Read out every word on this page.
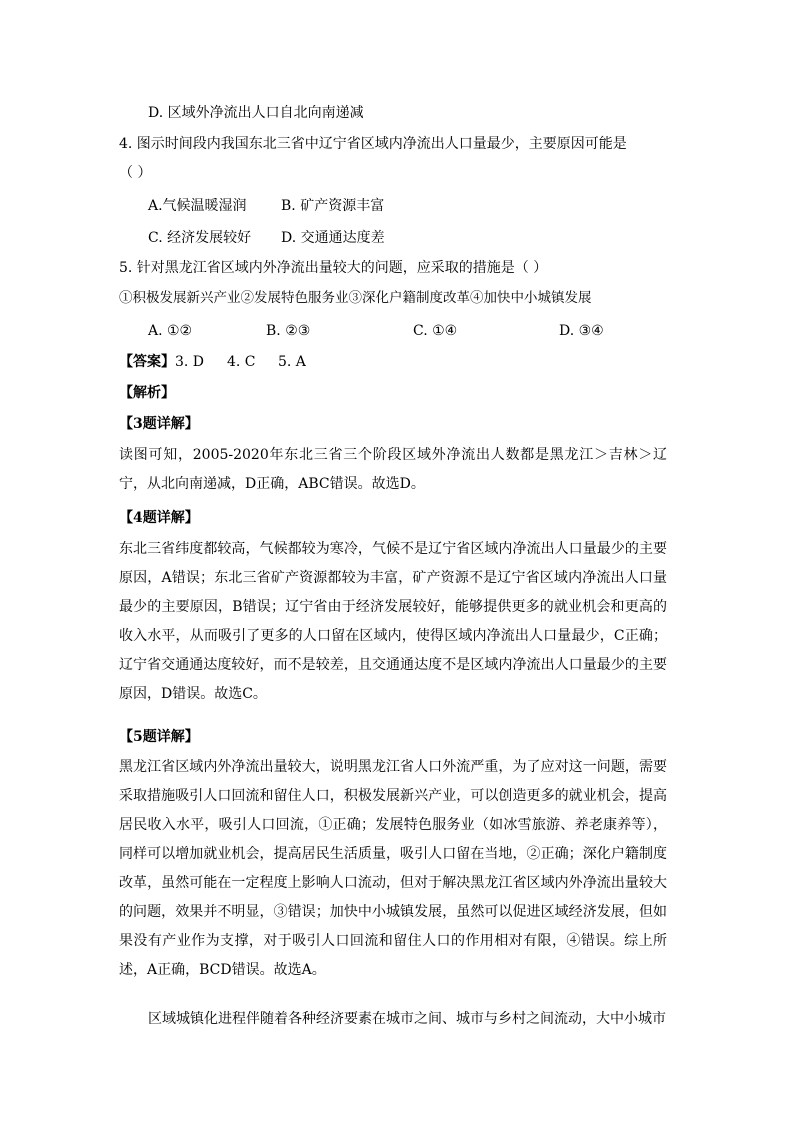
D. 区域外净流出人口自北向南递减
4. 图示时间段内我国东北三省中辽宁省区域内净流出人口量最少，主要原因可能是
（ ）
A.气候温暖湿润 B. 矿产资源丰富
C. 经济发展较好 D. 交通通达度差
5. 针对黑龙江省区域内外净流出量较大的问题，应采取的措施是（ ）
①积极发展新兴产业②发展特色服务业③深化户籍制度改革④加快中小城镇发展
A. ①②	B. ②③	C. ①④	D. ③④
【答案】 3. D 4. C 5. A
【解析】
【3题详解】
读图可知，2005-2020年东北三省三个阶段区域外净流出人数都是黑龙江＞吉林＞辽宁，从北向南递减，D正确，ABC错误。故选D。
【4题详解】
东北三省纬度都较高，气候都较为寒冷，气候不是辽宁省区域内净流出人口量最少的主要原因，A错误；东北三省矿产资源都较为丰富，矿产资源不是辽宁省区域内净流出人口量最少的主要原因，B错误；辽宁省由于经济发展较好，能够提供更多的就业机会和更高的收入水平，从而吸引了更多的人口留在区域内，使得区域内净流出人口量最少，C正确；辽宁省交通通达度较好，而不是较差，且交通通达度不是区域内净流出人口量最少的主要原因，D错误。故选C。
【5题详解】
黑龙江省区域内外净流出量较大，说明黑龙江省人口外流严重，为了应对这一问题，需要采取措施吸引人口回流和留住人口，积极发展新兴产业，可以创造更多的就业机会，提高居民收入水平，吸引人口回流，①正确；发展特色服务业（如冰雪旅游、养老康养等），同样可以增加就业机会，提高居民生活质量，吸引人口留在当地，②正确；深化户籍制度改革，虽然可能在一定程度上影响人口流动，但对于解决黑龙江省区域内外净流出量较大的问题，效果并不明显，③错误；加快中小城镇发展，虽然可以促进区域经济发展，但如果没有产业作为支撑，对于吸引人口回流和留住人口的作用相对有限，④错误。综上所述，A正确，BCD错误。故选A。
区域城镇化进程伴随着各种经济要素在城市之间、城市与乡村之间流动，大中小城市
